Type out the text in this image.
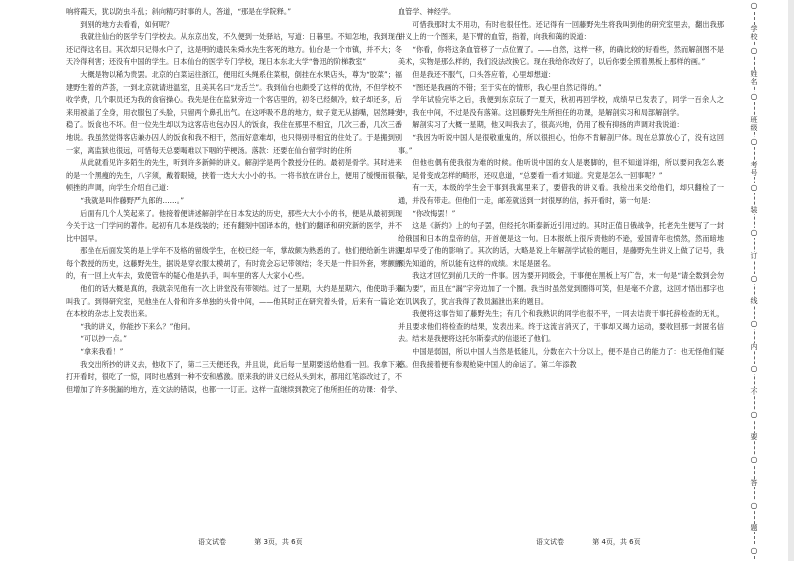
响将霞天，犹以防虫斗乱；斜向精巧时事的人，答道，“那是在学院释。”

到别的地方去看看，如何呢？

我就往仙台的医学专门学校去。从东京出发，不久便到一处驿站，写道：日暮里。不知怎地，我到现在还记得这名目。其次却只记得水户了，这是明的遗民朱舜水先生客死的地方。仙台是一个市镇，并不大；冬天冷得利害；还没有中国的学生。日本仙台的医学专门学校，现日本东北大学“鲁迅的阶梯教室”

大概是物以稀为贵罢。北京的白菜运往浙江，便用红头绳系住菜根，倒挂在水果店头，尊为“胶菜”；福建野生着的芦荟，一到北京就请进温室，且美其名曰“龙舌兰”。我到仙台也颇受了这样的优待，不但学校不收学费，几个职员还为我的食宿操心。我先是住在监狱旁边一个客店里的，初冬已经颇冷，蚊子却还多，后来用被盖了全身，用衣服包了头脸，只留两个鼻孔出气。在这呼吸不息的地方，蚊子竟无从插嘴，居然睡安稳了。饭食也不坏。但一位先生却以为这客店也包办囚人的饭食，我住在那里不相宜，几次三番，几次三番地说。我虽然觉得客店兼办囚人的饭食和我不相干，然而好意难却，也只得别寻相宜的住处了。于是搬到别一家，离监狱也很远，可惜每天总要喝难以下咽的芋梗汤。落款：还要在仙台留学时的住所

从此就看见许多陌生的先生，听到许多新鲜的讲义。解剖学是两个教授分任的。最初是骨学。其时进来的是一个黑瘦的先生，八字须，戴着眼镜，挟着一迭大大小小的书。一将书放在讲台上，便用了缓慢而很有顿挫的声调，向学生介绍自己道：

“我就是叫作藤野严九郎的……。”

后面有几个人笑起来了。他接着便讲述解剖学在日本发达的历史，那些大大小小的书，便是从最初到现今关于这一门学问的著作。起初有几本是线装的；还有翻刻中国译本的，他们的翻译和研究新的医学，并不比中国早。

那坐在后面发笑的是上学年不及格的留级学生，在校已经一年，掌故颇为熟悉的了。他们便给新生讲演每个教授的历史，这藤野先生，据说是穿衣服太模胡了，有时竟会忘记带领结；冬天是一件旧外套，寒颤颤的，有一回上火车去，致使管车的疑心他是扒手，叫车里的客人大家小心些。

他们的话大概是真的，我就亲见他有一次上讲堂没有带领结。过了一星期，大约是星期六，他使助手来叫我了。到得研究室，见他坐在人骨和许多单独的头骨中间，——他其时正在研究着头骨，后来有一篇论文在本校的杂志上发表出来。

“我的讲义，你能抄下来么？”他问。

“可以抄一点。”

“拿来我看！”

我交出所抄的讲义去，他收下了，第二三天便还我，并且说，此后每一星期要送给他看一回。我拿下来打开看时，很吃了一惊，同时也感到一种不安和感激。原来我的讲义已经从头到末，都用红笔添改过了，不但增加了许多脱漏的地方，连文法的错误，也都一一订正。这样一直继续到教完了他所担任的功课：骨学、

血管学、神经学。

可惜我那时太不用功，有时也很任性。还记得有一回藤野先生将我叫到他的研究室里去，翻出我那讲义上的一个图来，是下臂的血管，指着，向我和蔼的说道：

“你看，你将这条血管移了一点位置了。——自然，这样一移，的确比较的好看些，然而解剖图不是美术，实物是那么样的，我们没法改换它。现在我给你改好了，以后你要全照着黑板上那样的画。”

但是我还不服气，口头答应着，心里却想道：

“图还是我画的不错；至于实在的情形，我心里自然记得的。”

学年试验完毕之后，我便到东京玩了一夏天，秋初再回学校，成绩早已发表了，同学一百余人之中，我在中间，不过是没有落第。这回藤野先生所担任的功课，是解剖实习和局部解剖学。

解剖实习了大概一星期，他又叫我去了，很高兴地，仍用了极有抑扬的声调对我说道：

“我因为听说中国人是很敬重鬼的，所以很担心，怕你不肯解剖尸体。现在总算放心了，没有这回事。”

但他也偶有使我很为难的时候。他听说中国的女人是裹脚的，但不知道详细，所以要问我怎么裹法，足骨变成怎样的畸形，还叹息道，“总要看一看才知道。究竟是怎么一回事呢？”

有一天，本级的学生会干事到我寓里来了，要借我的讲义看。我检出来交给他们，却只翻检了一通，并没有带走。但他们一走，邮差就送到一封很厚的信，拆开看时，第一句是：

“你改悔罢！”

这是《新约》上的句子罢，但经托尔斯泰新近引用过的。其时正值日俄战争，托老先生便写了一封给俄国和日本的皇帝的信，开首便是这一句。日本报纸上很斥责他的不逊，爱国青年也愤然，然而暗地里却早受了他的影响了。其次的话，大略是说上年解剖学试验的题目，是藤野先生讲义上做了记号，我预先知道的，所以能有这样的成绩。末尾是匿名。

我这才回忆到前几天的一件事。因为要开同级会，干事便在黑板上写广告，末一句是“请全数到会勿漏为要”，而且在“漏”字旁边加了一个圈。我当时虽然觉到圈得可笑，但是毫不介意，这回才悟出那字也在讥讽我了，犹言我得了教员漏泄出来的题目。

我便将这事告知了藤野先生；有几个和我熟识的同学也很不平，一同去诘责干事托辞检查的无礼，并且要求他们将检查的结果，发表出来。终于这流言消灭了，干事却又竭力运动，要收回那一封匿名信去。结末是我便将这托尔斯泰式的信退还了他们。

中国是弱国，所以中国人当然是低能儿，分数在六十分以上，便不是自己的能力了：也无怪他们疑惑。但我接着便有参观枪毙中国人的命运了。第二年添教

语文试卷	第 3页，共 6页	语文试卷	第 4页，共 6页
○
学校
○
姓名
○
班级
○
考号
○
装
○
订
○
线
○
内
○
不
○
要
○
答
○
题
○
